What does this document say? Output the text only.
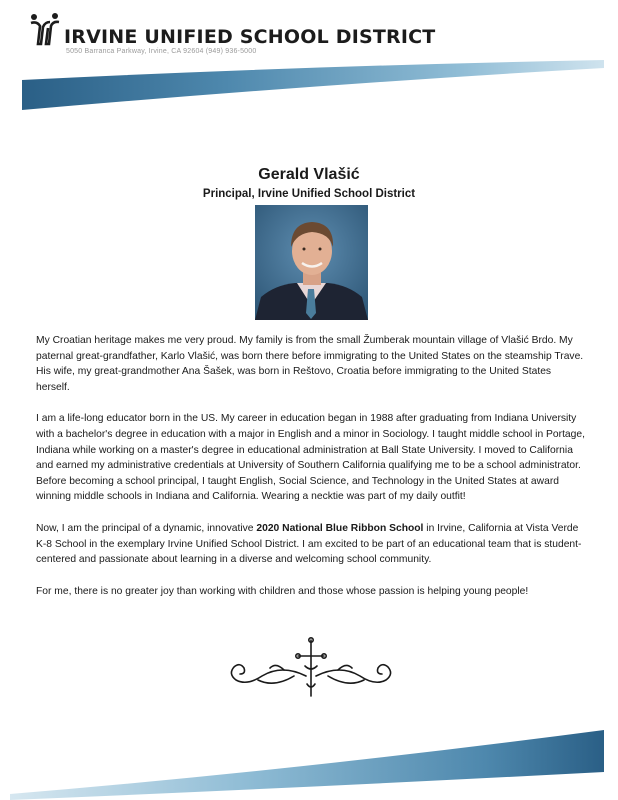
IRVINE UNIFIED SCHOOL DISTRICT
5050 Barranca Parkway, Irvine, CA 92604 (949) 936-5000
Gerald Vlašić
Principal, Irvine Unified School District

My Croatian heritage makes me very proud. My family is from the small Žumberak mountain village of Vlašić Brdo. My paternal great-grandfather, Karlo Vlašić, was born there before immigrating to the United States on the steamship Trave. His wife, my great-grandmother Ana Šašek, was born in Reštovo, Croatia before immigrating to the United States herself.

I am a life-long educator born in the US. My career in education began in 1988 after graduating from Indiana University with a bachelor's degree in education with a major in English and a minor in Sociology. I taught middle school in Portage, Indiana while working on a master's degree in educational administration at Ball State University. I moved to California and earned my administrative credentials at University of Southern California qualifying me to be a school administrator. Before becoming a school principal, I taught English, Social Science, and Technology in the United States at award winning middle schools in Indiana and California. Wearing a necktie was part of my daily outfit!

Now, I am the principal of a dynamic, innovative 2020 National Blue Ribbon School in Irvine, California at Vista Verde K-8 School in the exemplary Irvine Unified School District. I am excited to be part of an educational team that is student-centered and passionate about learning in a diverse and welcoming school community.

For me, there is no greater joy than working with children and those whose passion is helping young people!
